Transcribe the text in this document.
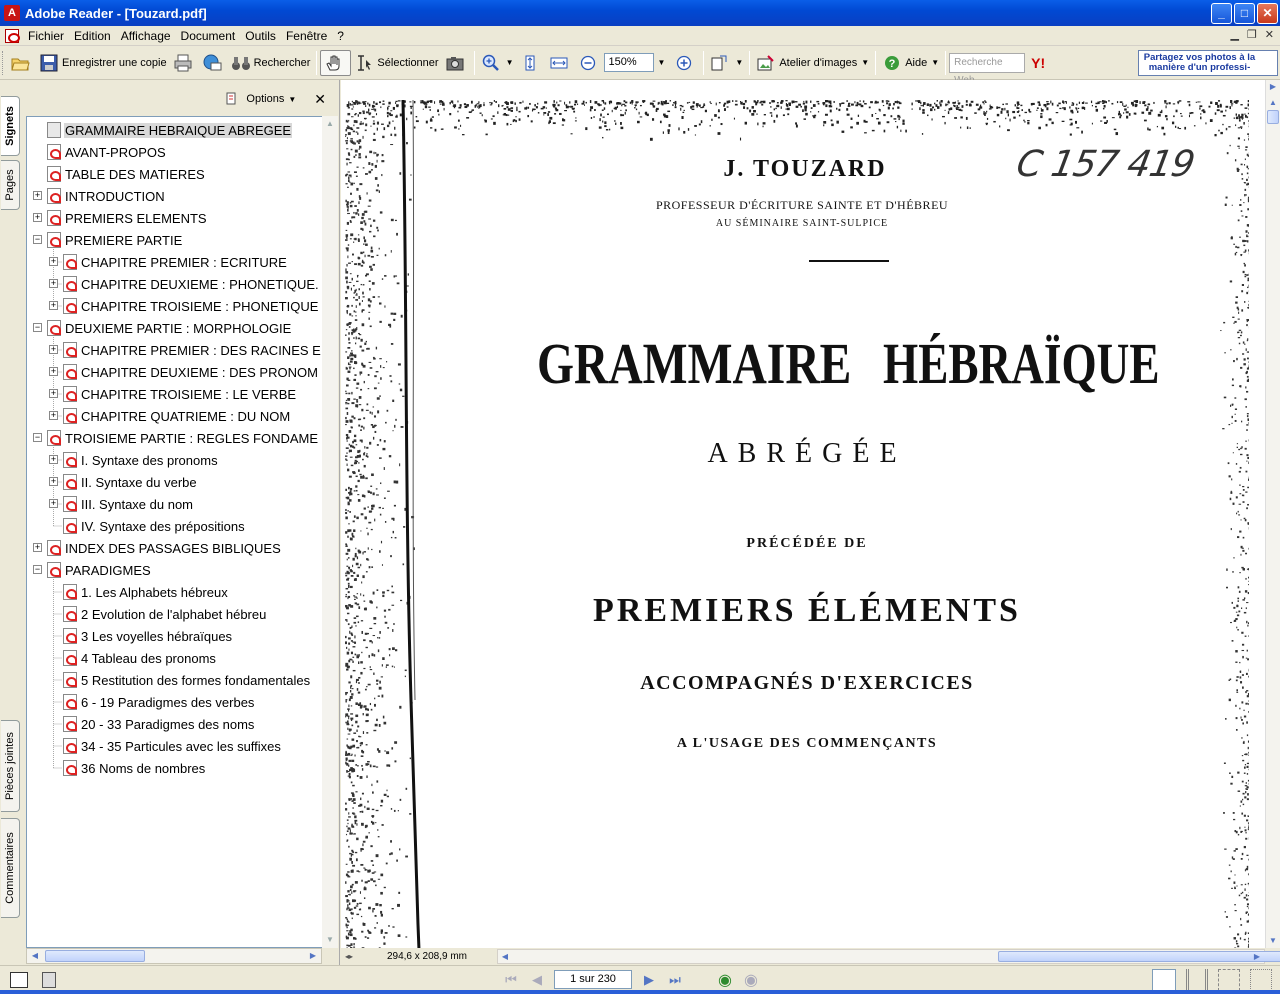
A Adobe Reader - [Touzard.pdf]	_	□	✕
Fichier Edition Affichage Document Outils Fenêtre ?	▁ ❐ ✕
Enregistrer une copie	Rechercher	Sélectionner	▼	150%	▼	▼	Atelier d'images ▼ ? Aide ▼	Recherche	Y!	Partagez vos photos à la manière d'un professi-
Signets
Pages
Pièces jointes
Commentaires
Options ▼ ✕
GRAMMAIRE HEBRAIQUE ABREGEE
AVANT-PROPOS
TABLE DES MATIERES
INTRODUCTION
+
PREMIERS ELEMENTS
+
PREMIERE PARTIE
−
CHAPITRE PREMIER : ECRITURE
+
CHAPITRE DEUXIEME : PHONETIQUE.
+
CHAPITRE TROISIEME : PHONETIQUE
+
DEUXIEME PARTIE : MORPHOLOGIE
−
CHAPITRE PREMIER : DES RACINES E
+
CHAPITRE DEUXIEME : DES PRONOM
+
CHAPITRE TROISIEME : LE VERBE
+
CHAPITRE QUATRIEME : DU NOM
+
TROISIEME PARTIE : REGLES FONDAME
−
I. Syntaxe des pronoms
+
II. Syntaxe du verbe
+
III. Syntaxe du nom
+
IV. Syntaxe des prépositions
INDEX DES PASSAGES BIBLIQUES
+
PARADIGMES
−
1. Les Alphabets hébreux
2 Evolution de l'alphabet hébreu
3 Les voyelles hébraïques
4 Tableau des pronoms
5 Restitution des formes fondamentales
6 - 19 Paradigmes des verbes
20 - 33 Paradigmes des noms
34 - 35 Particules avec les suffixes
36 Noms de nombres
▲
▼
◀	▶
J. TOUZARD
PROFESSEUR D'ÉCRITURE SAINTE ET D'HÉBREU
AU SÉMINAIRE SAINT-SULPICE
C 157 419
GRAMMAIRE HÉBRAÏQUE
ABRÉGÉE
PRÉCÉDÉE DE
PREMIERS ÉLÉMENTS
ACCOMPAGNÉS D'EXERCICES
A L'USAGE DES COMMENÇANTS
▶
▲
▼
◂▸	294,6 x 208,9 mm	◀	▶
⏮	◀	1 sur 230	▶	⏭ ◉ ◉
